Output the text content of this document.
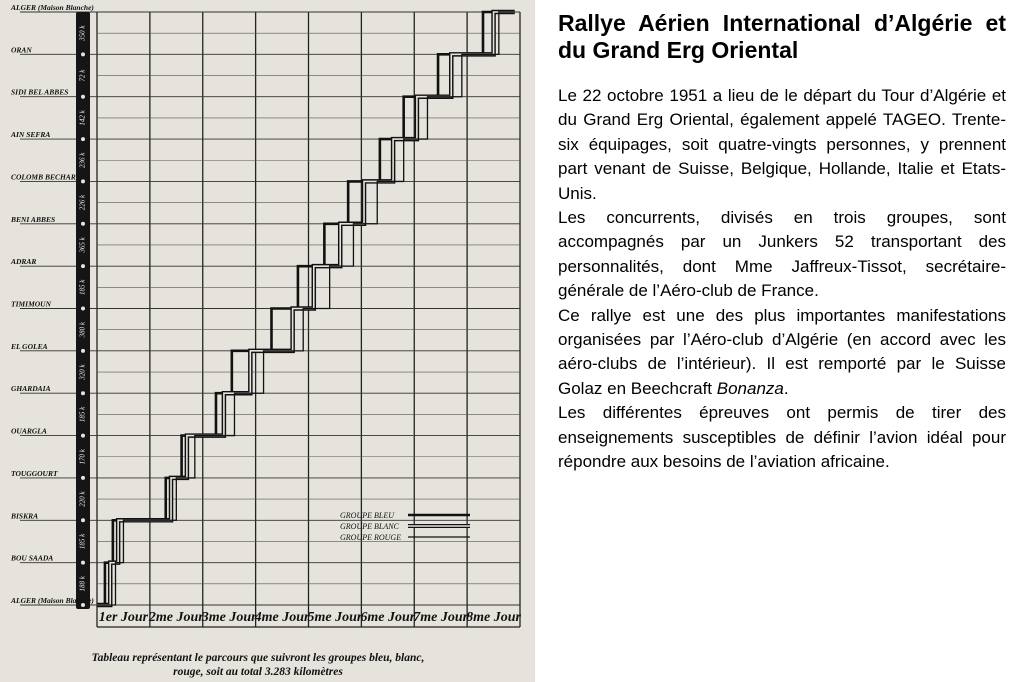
188 k
185 k
220 k
170 k
185 k
320 k
380 k
185 k
365 k
226 k
236 k
142 k
72 k
350 k
ALGER (Maison Blanche)
BOU SAADA
BISKRA
TOUGGOURT
OUARGLA
GHARDAIA
EL GOLEA
TIMIMOUN
ADRAR
BENI ABBES
COLOMB BECHAR
AIN SEFRA
SIDI BEL ABBES
ORAN
ALGER (Maison Blanche)
1er Jour 2me Jour
3me Jour
4me Jour
5me Jour
6me Jour
7me Jour
8me Jour
GROUPE BLEU
GROUPE BLANC
GROUPE ROUGE
Tableau représentant le parcours que suivront les groupes bleu, blanc,
rouge, soit au total 3.283 kilomètres
Rallye Aérien International d’Algérie et du Grand Erg Oriental

Le 22 octobre 1951 a lieu de le départ du Tour d’Algérie et du Grand Erg Oriental, également appelé TAGEO. Trente-six équipages, soit quatre-vingts personnes, y prennent part venant de Suisse, Belgique, Hollande, Italie et Etats-Unis.

Les concurrents, divisés en trois groupes, sont accompagnés par un Junkers 52 transportant des personnalités, dont Mme Jaffreux-Tissot, secrétaire-générale de l’Aéro-club de France.

Ce rallye est une des plus importantes manifestations organisées par l’Aéro-club d’Algérie (en accord avec les aéro-clubs de l’intérieur). Il est remporté par le Suisse Golaz en Beechcraft Bonanza.

Les différentes épreuves ont permis de tirer des enseignements susceptibles de définir l’avion idéal pour répondre aux besoins de l’aviation africaine.
